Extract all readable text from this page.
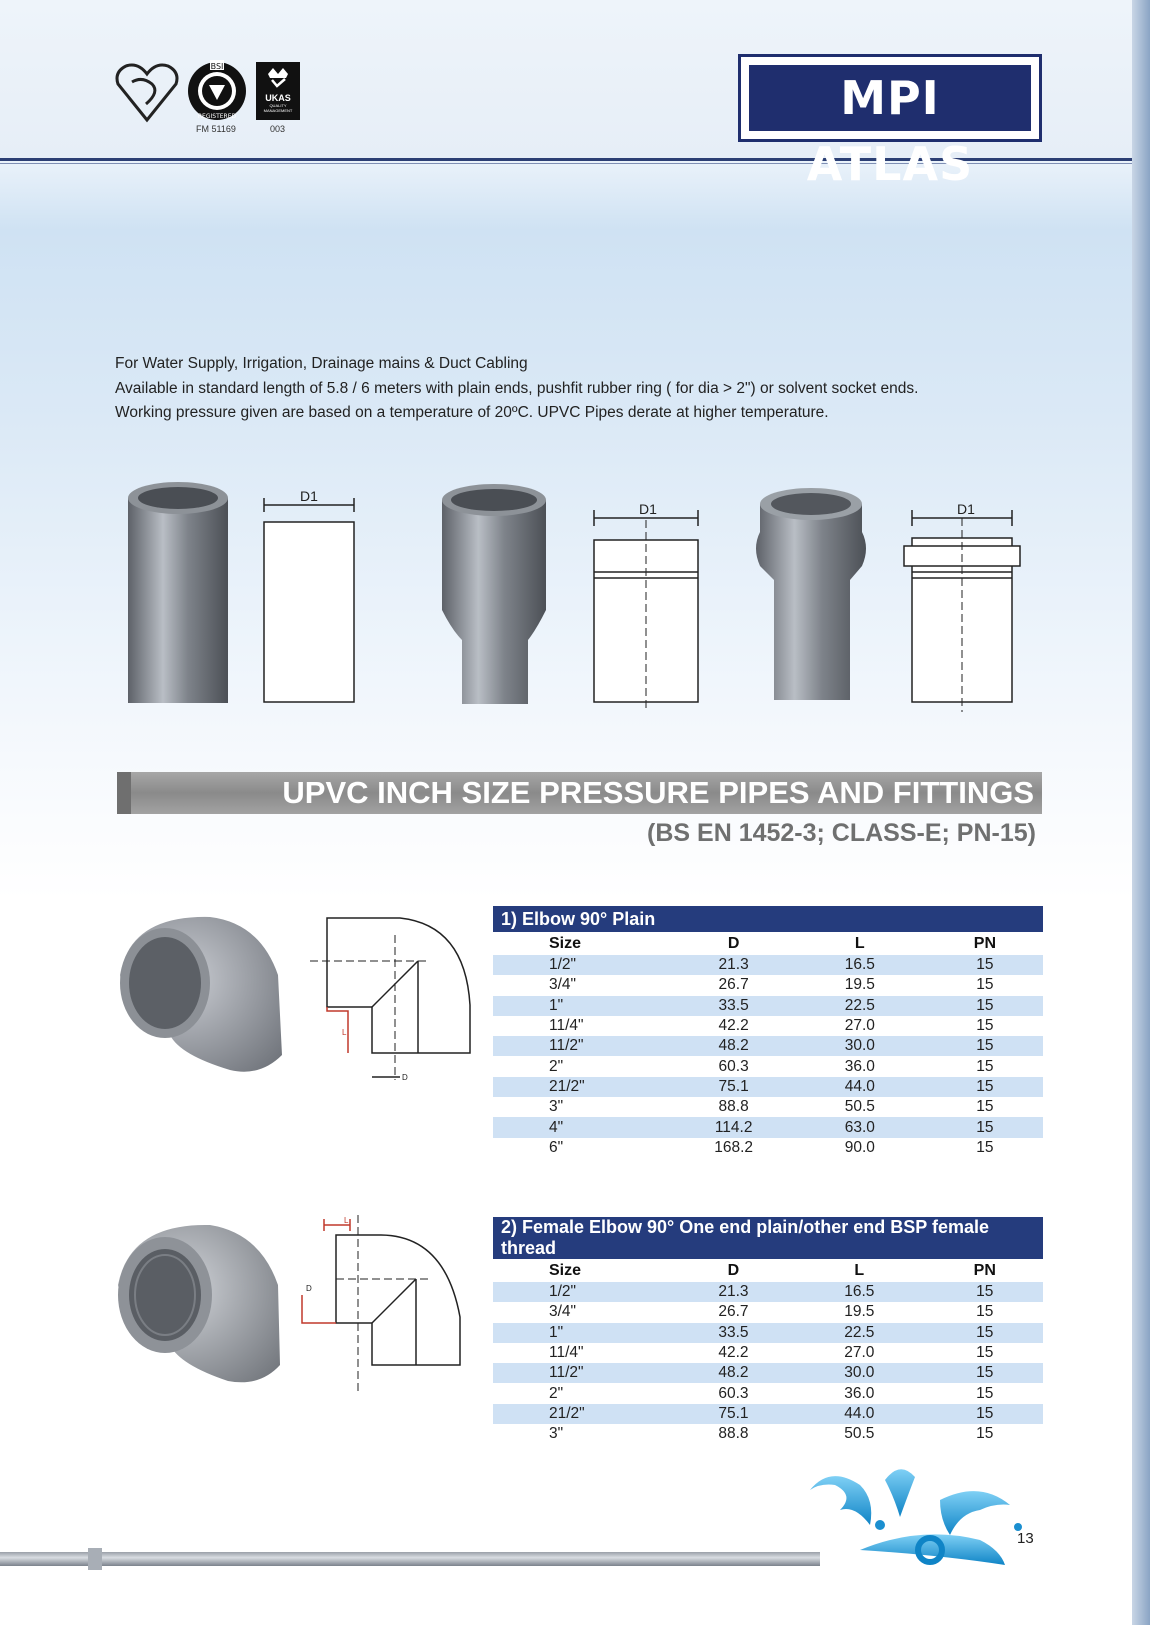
BSI
REGISTERED
FM 51169
UKAS
QUALITY MANAGEMENT
003
MPI ATLAS
For Water Supply, Irrigation, Drainage mains & Duct Cabling
Available in standard length of 5.8 / 6 meters with plain ends, pushfit rubber ring ( for dia > 2") or solvent socket ends.
Working pressure given are based on a temperature of 20ºC. UPVC Pipes derate at higher temperature.
D1
D1	D1
UPVC INCH SIZE PRESSURE PIPES AND FITTINGS
(BS EN 1452-3; CLASS-E; PN-15)
L
D
L
D
1) Elbow 90° Plain			
Size	D	L	PN
1/2"	21.3	16.5	15
3/4"	26.7	19.5	15
1"	33.5	22.5	15
11/4"	42.2	27.0	15
11/2"	48.2	30.0	15
2"	60.3	36.0	15
21/2"	75.1	44.0	15
3"	88.8	50.5	15
4"	114.2	63.0	15
6"	168.2	90.0	15
2) Female Elbow 90° One end plain/other end BSP female thread			
Size	D	L	PN
1/2"	21.3	16.5	15
3/4"	26.7	19.5	15
1"	33.5	22.5	15
11/4"	42.2	27.0	15
11/2"	48.2	30.0	15
2"	60.3	36.0	15
21/2"	75.1	44.0	15
3"	88.8	50.5	15
13
